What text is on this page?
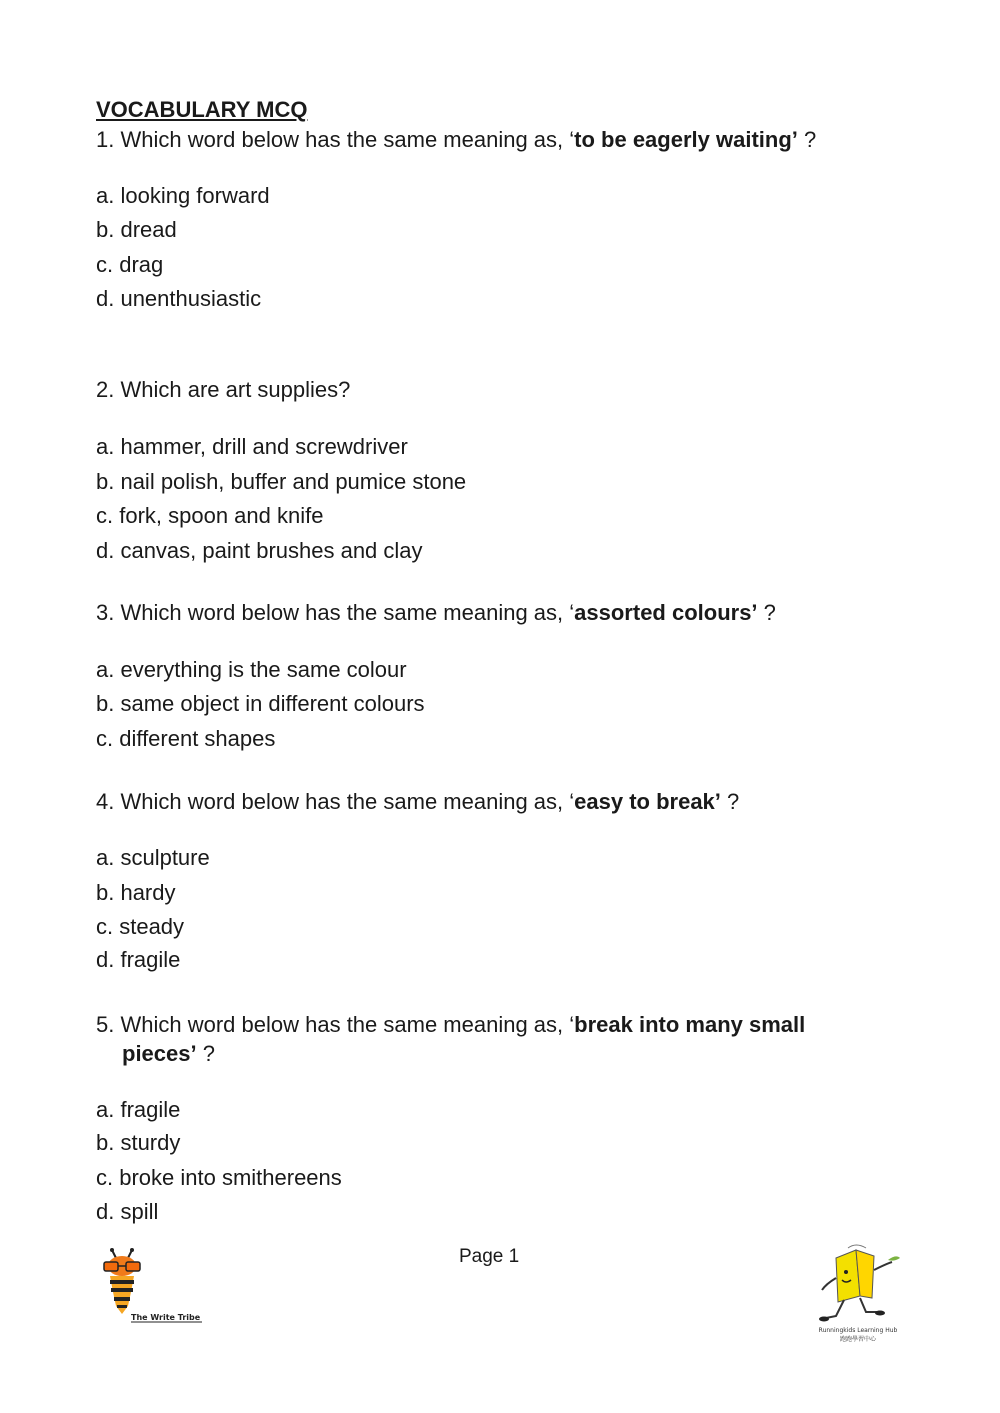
VOCABULARY MCQ
1. Which word below has the same meaning as, ‘to be eagerly waiting’ ?
a. looking forward
b. dread
c. drag
d. unenthusiastic
2. Which are art supplies?
a. hammer, drill and screwdriver
b. nail polish, buffer and pumice stone
c. fork, spoon and knife
d. canvas, paint brushes and clay
3. Which word below has the same meaning as, ‘assorted colours’ ?
a. everything is the same colour
b. same object in different colours
c. different shapes
4. Which word below has the same meaning as, ‘easy to break’ ?
a. sculpture
b. hardy
c. steady
d. fragile
5. Which word below has the same meaning as, ‘break into many small
pieces’ ?
a. fragile
b. sturdy
c. broke into smithereens
d. spill
Page 1
The Write Tribe
Runningkids Learning Hub
跑跑學習中心
